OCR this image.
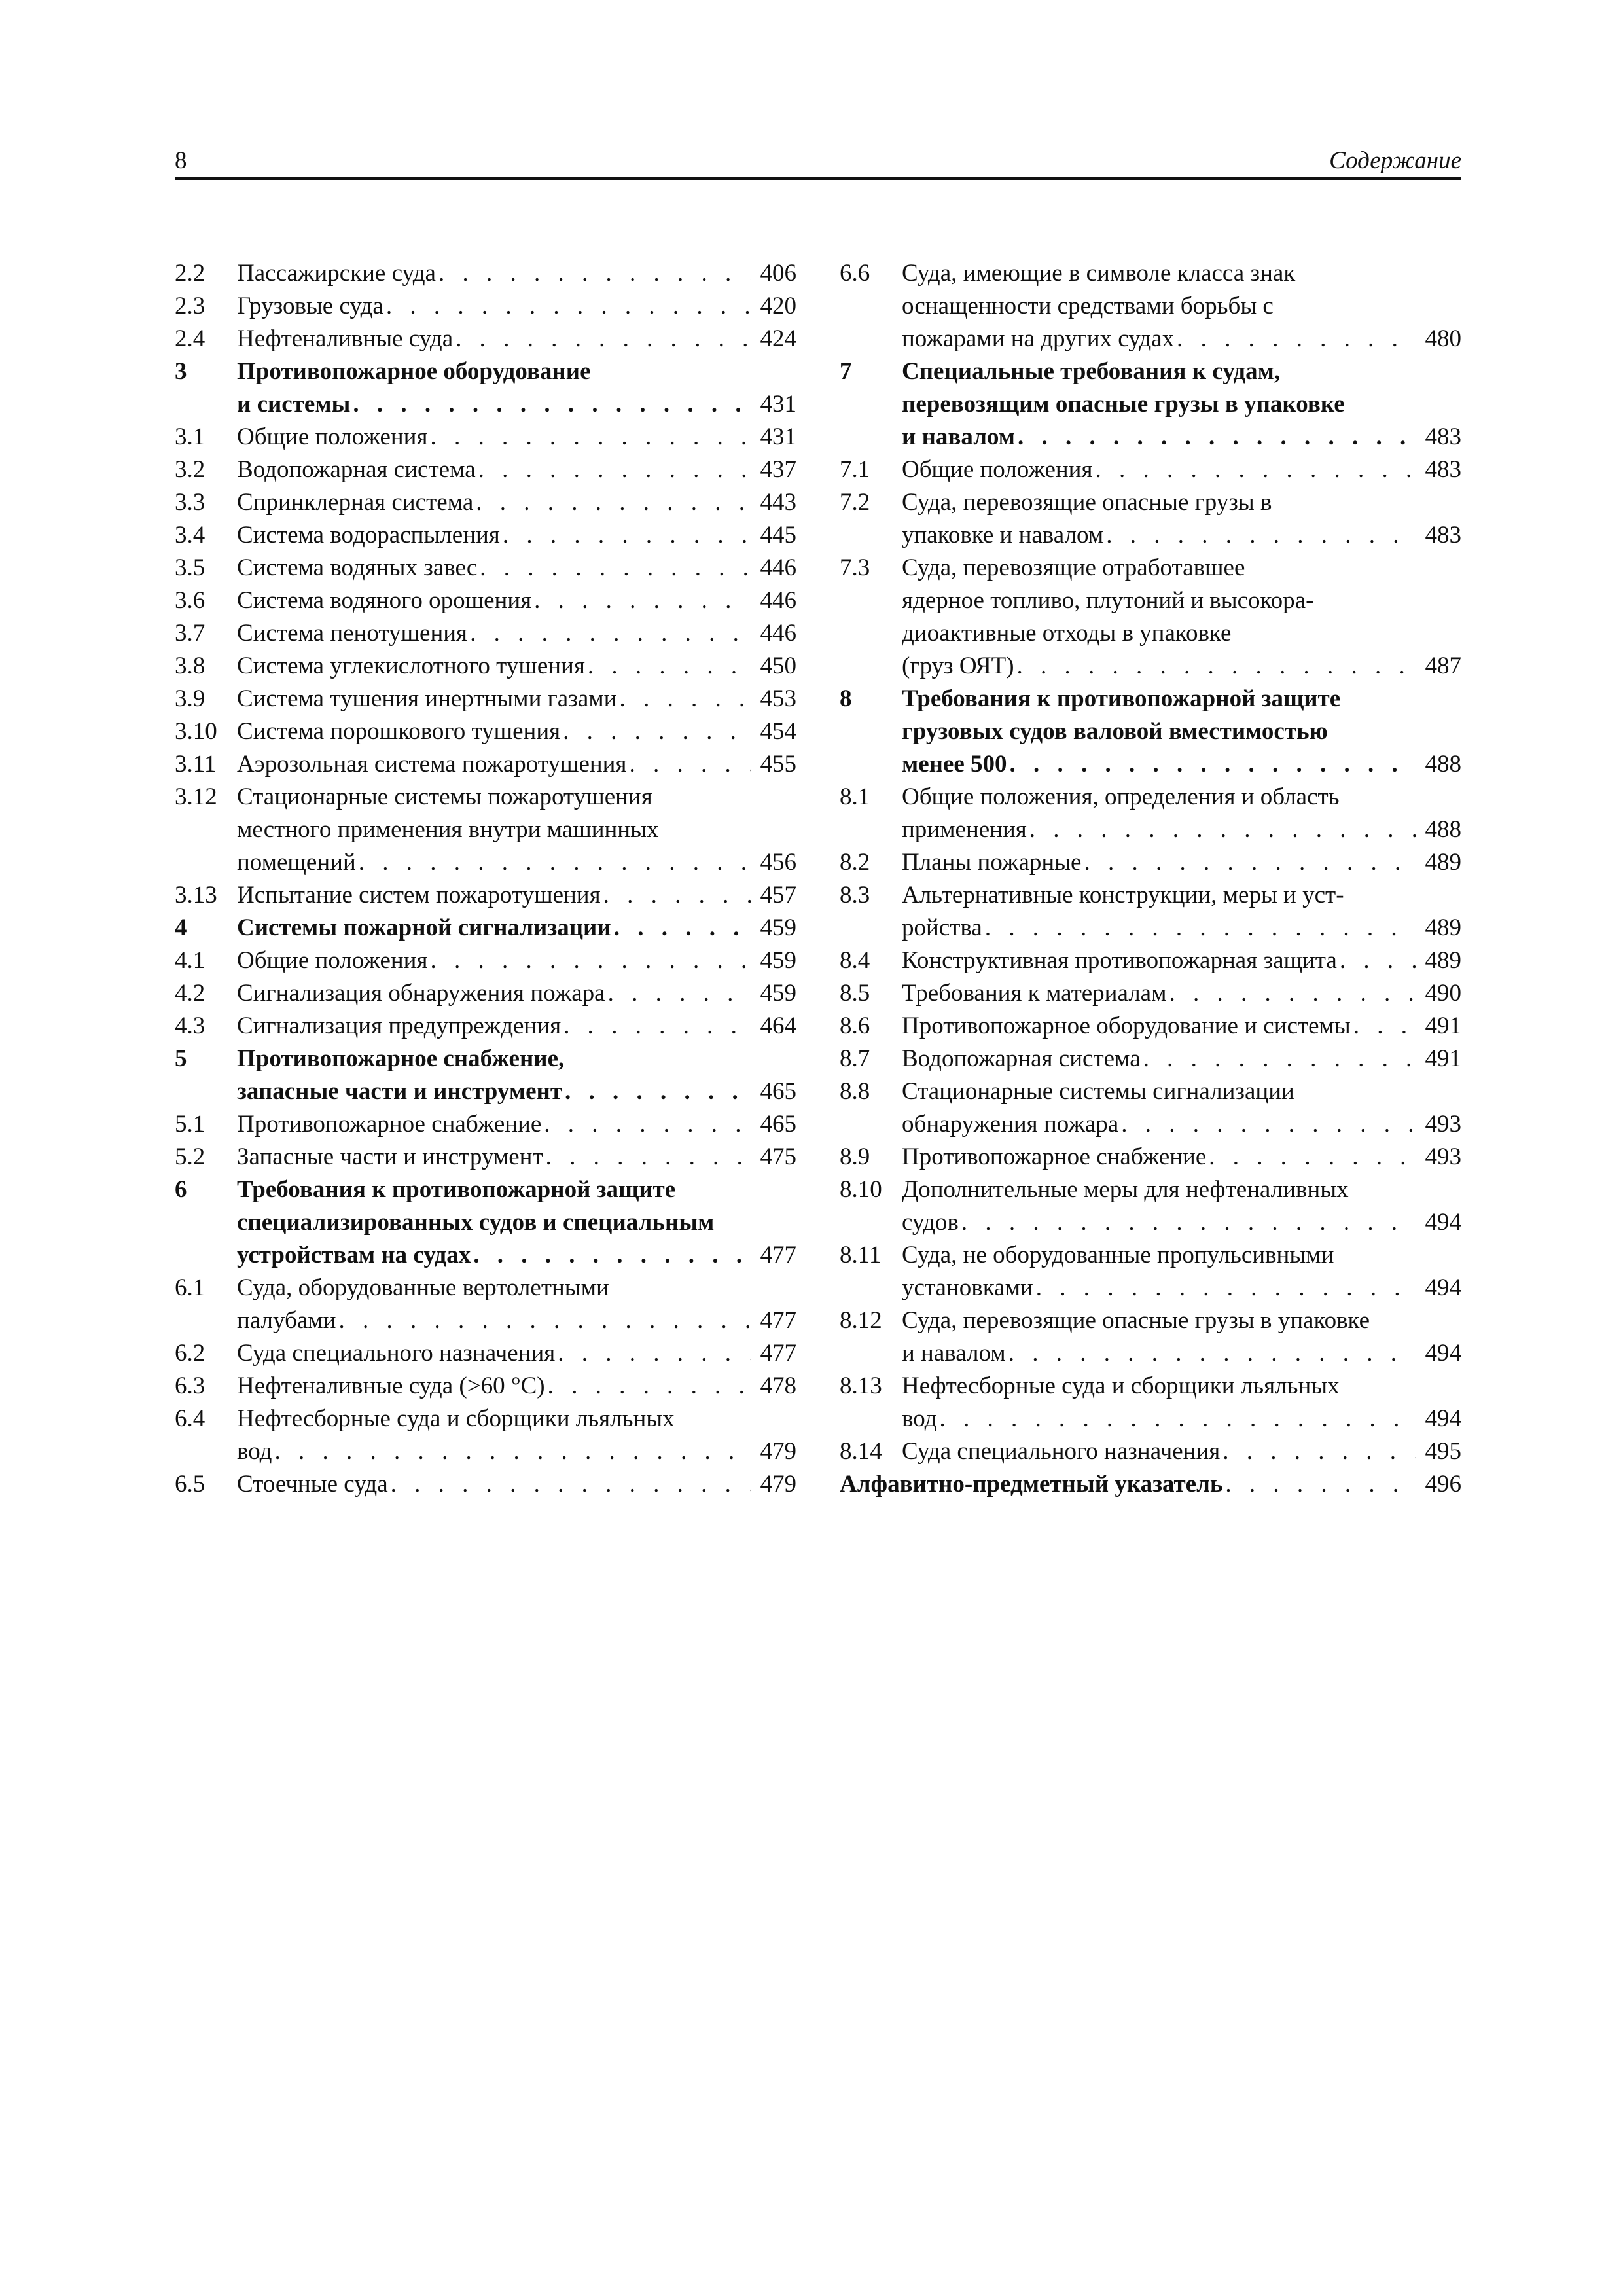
8	Содержание
2.2	Пассажирские суда . . .	406
2.3	Грузовые суда . . .	420
2.4	Нефтеналивные суда . . .	424
3	Противопожарное оборудование
и системы . . .	431
3.1	Общие положения . . .	431
3.2	Водопожарная система . . .	437
3.3	Спринклерная система . . .	443
3.4	Система водораспыления . . .	445
3.5	Система водяных завес . . .	446
3.6	Система водяного орошения . . .	446
3.7	Система пенотушения . . .	446
3.8	Система углекислотного тушения . . .	450
3.9	Система тушения инертными газами . . .	453
3.10 Система порошкового тушения . . .	454
3.11 Аэрозольная система пожаротушения . . .	455
3.12 Стационарные системы пожаротушения
местного применения внутри машинных
помещений . . .	456
3.13 Испытание систем пожаротушения . . .	457
4	Системы пожарной сигнализации . . .	459
4.1	Общие положения . . .	459
4.2	Сигнализация обнаружения пожара . . .	459
4.3	Сигнализация предупреждения . . .	464
5	Противопожарное снабжение,
запасные части и инструмент . . .	465
5.1	Противопожарное снабжение . . .	465
5.2	Запасные части и инструмент . . .	475
6	Требования к противопожарной защите
специализированных судов и специальным
устройствам на судах . . .	477
6.1	Суда, оборудованные вертолетными
палубами . . .	477
6.2	Суда специального назначения . . .	477
6.3	Нефтеналивные суда (>60 °С) . . .	478
6.4	Нефтесборные суда и сборщики льяльных
вод . . .	479
6.5	Стоечные суда . . .	479
6.6	Суда, имеющие в символе класса знак
оснащенности средствами борьбы с
пожарами на других судах . . .	480
7	Специальные требования к судам,
перевозящим опасные грузы в упаковке
и навалом . . .	483
7.1	Общие положения . . .	483
7.2	Суда, перевозящие опасные грузы в
упаковке и навалом . . .	483
7.3	Суда, перевозящие отработавшее
ядерное топливо, плутоний и высокора-
диоактивные отходы в упаковке
(груз ОЯТ) . . .	487
8	Требования к противопожарной защите
грузовых судов валовой вместимостью
менее 500 . . .	488
8.1	Общие положения, определения и область
применения . . .	488
8.2	Планы пожарные . . .	489
8.3	Альтернативные конструкции, меры и уст-
ройства . . .	489
8.4	Конструктивная противопожарная защита . . .	489
8.5	Требования к материалам . . .	490
8.6	Противопожарное оборудование и системы . . .	491
8.7	Водопожарная система . . .	491
8.8	Стационарные системы сигнализации
обнаружения пожара . . .	493
8.9	Противопожарное снабжение . . .	493
8.10 Дополнительные меры для нефтеналивных
судов . . .	494
8.11 Суда, не оборудованные пропульсивными
установками . . .	494
8.12 Суда, перевозящие опасные грузы в упаковке
и навалом . . .	494
8.13 Нефтесборные суда и сборщики льяльных
вод . . .	494
8.14 Суда специального назначения . . .	495
Алфавитно-предметный указатель . . .	496
